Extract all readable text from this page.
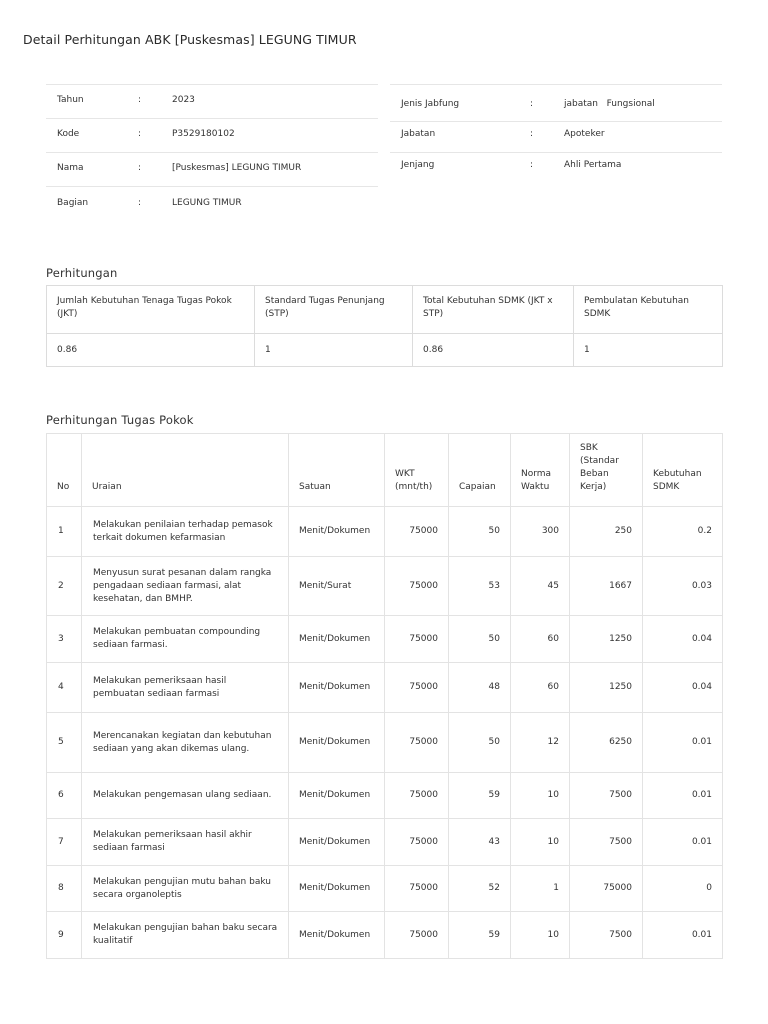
Detail Perhitungan ABK [Puskesmas] LEGUNG TIMUR
Tahun	:	2023
Kode	:	P3529180102
Nama	:	[Puskesmas] LEGUNG TIMUR
Bagian	:	LEGUNG TIMUR
Jenis Jabfung	:	jabatan   Fungsional
Jabatan	:	Apoteker
Jenjang	:	Ahli Pertama
Perhitungan
Jumlah Kebutuhan Tenaga Tugas Pokok (JKT)	Standard Tugas Penunjang (STP)	Total Kebutuhan SDMK (JKT x STP)	Pembulatan Kebutuhan SDMK
0.86	1	0.86	1
Perhitungan Tugas Pokok
No	Uraian	Satuan	WKT (mnt/th)	Capaian	Norma Waktu	SBK (Standar Beban Kerja)	Kebutuhan SDMK
1	Melakukan penilaian terhadap pemasok terkait dokumen kefarmasian	Menit/Dokumen	75000	50	300	250	0.2
2	Menyusun surat pesanan dalam rangka pengadaan sediaan farmasi, alat kesehatan, dan BMHP.	Menit/Surat	75000	53	45	1667	0.03
3	Melakukan pembuatan compounding sediaan farmasi.	Menit/Dokumen	75000	50	60	1250	0.04
4	Melakukan pemeriksaan hasil pembuatan sediaan farmasi	Menit/Dokumen	75000	48	60	1250	0.04
5	Merencanakan kegiatan dan kebutuhan sediaan yang akan dikemas ulang.	Menit/Dokumen	75000	50	12	6250	0.01
6	Melakukan pengemasan ulang sediaan.	Menit/Dokumen	75000	59	10	7500	0.01
7	Melakukan pemeriksaan hasil akhir sediaan farmasi	Menit/Dokumen	75000	43	10	7500	0.01
8	Melakukan pengujian mutu bahan baku secara organoleptis	Menit/Dokumen	75000	52	1	75000	0
9	Melakukan pengujian bahan baku secara kualitatif	Menit/Dokumen	75000	59	10	7500	0.01
